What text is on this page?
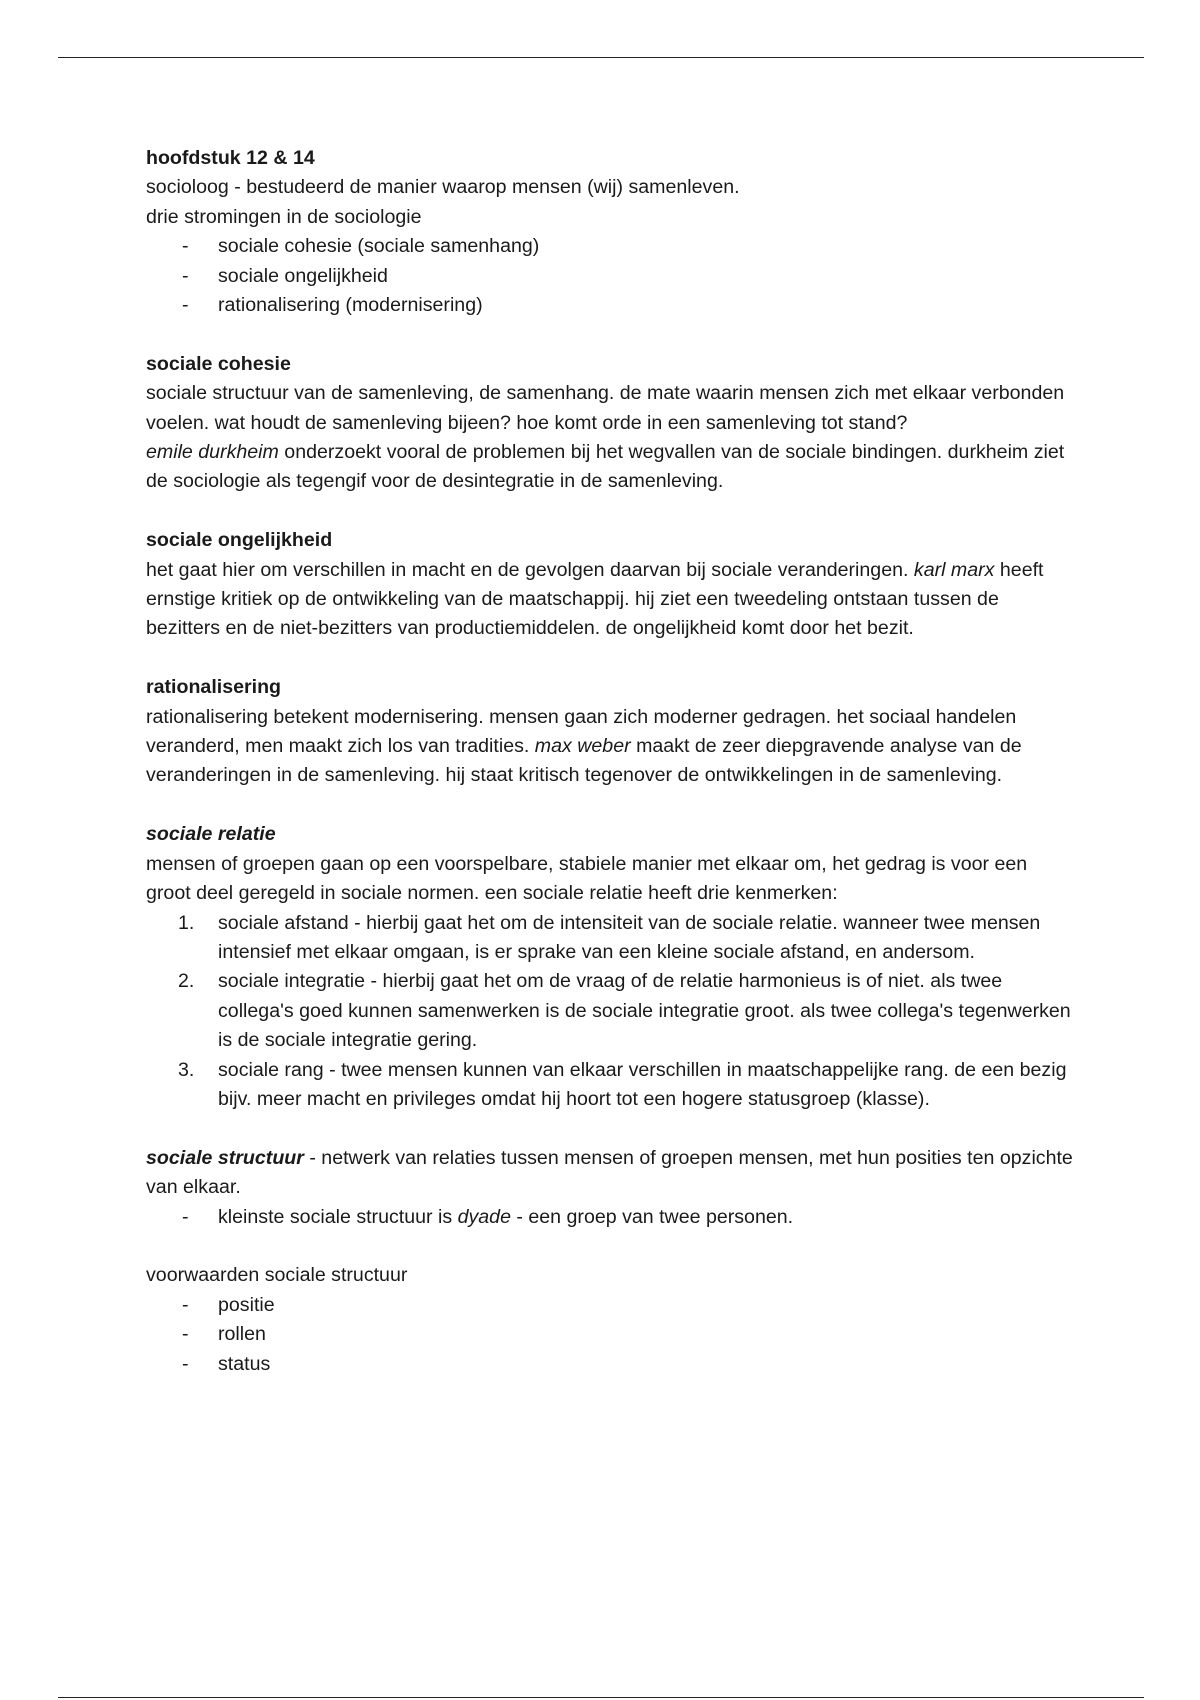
hoofdstuk 12 & 14

socioloog - bestudeerd de manier waarop mensen (wij) samenleven.

drie stromingen in de sociologie

- sociale cohesie (sociale samenhang)
- sociale ongelijkheid
- rationalisering (modernisering)

sociale cohesie

sociale structuur van de samenleving, de samenhang. de mate waarin mensen zich met elkaar verbonden voelen. wat houdt de samenleving bijeen? hoe komt orde in een samenleving tot stand?

emile durkheim onderzoekt vooral de problemen bij het wegvallen van de sociale bindingen. durkheim ziet de sociologie als tegengif voor de desintegratie in de samenleving.

sociale ongelijkheid

het gaat hier om verschillen in macht en de gevolgen daarvan bij sociale veranderingen. karl marx heeft ernstige kritiek op de ontwikkeling van de maatschappij. hij ziet een tweedeling ontstaan tussen de bezitters en de niet-bezitters van productiemiddelen. de ongelijkheid komt door het bezit.

rationalisering

rationalisering betekent modernisering. mensen gaan zich moderner gedragen. het sociaal handelen veranderd, men maakt zich los van tradities. max weber maakt de zeer diepgravende analyse van de veranderingen in de samenleving. hij staat kritisch tegenover de ontwikkelingen in de samenleving.

sociale relatie

mensen of groepen gaan op een voorspelbare, stabiele manier met elkaar om, het gedrag is voor een groot deel geregeld in sociale normen. een sociale relatie heeft drie kenmerken:

1. sociale afstand - hierbij gaat het om de intensiteit van de sociale relatie. wanneer twee mensen intensief met elkaar omgaan, is er sprake van een kleine sociale afstand, en andersom.
2. sociale integratie - hierbij gaat het om de vraag of de relatie harmonieus is of niet. als twee collega's goed kunnen samenwerken is de sociale integratie groot. als twee collega's tegenwerken is de sociale integratie gering.
3. sociale rang - twee mensen kunnen van elkaar verschillen in maatschappelijke rang. de een bezig bijv. meer macht en privileges omdat hij hoort tot een hogere statusgroep (klasse).

sociale structuur - netwerk van relaties tussen mensen of groepen mensen, met hun posities ten opzichte van elkaar.

- kleinste sociale structuur is dyade - een groep van twee personen.

voorwaarden sociale structuur

- positie
- rollen
- status
